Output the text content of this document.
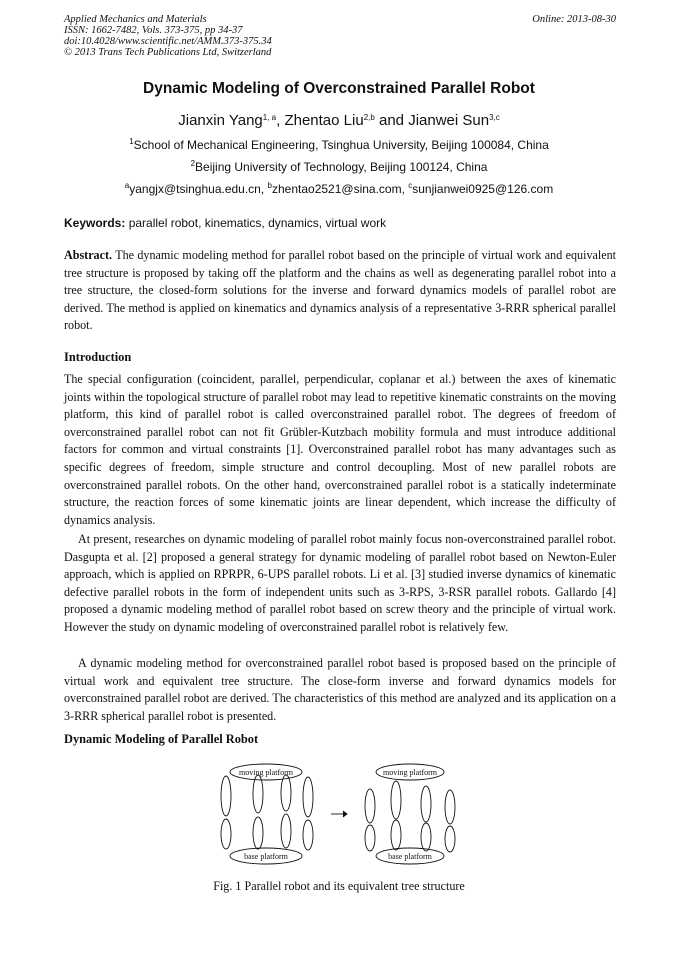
Applied Mechanics and Materials
ISSN: 1662-7482, Vols. 373-375, pp 34-37
doi:10.4028/www.scientific.net/AMM.373-375.34
© 2013 Trans Tech Publications Ltd, Switzerland
Online: 2013-08-30
Dynamic Modeling of Overconstrained Parallel Robot
Jianxin Yang$^{1, a}$, Zhentao Liu$^{2,b}$ and Jianwei Sun$^{3,c}$
$^1$School of Mechanical Engineering, Tsinghua University, Beijing 100084, China
$^2$Beijing University of Technology, Beijing 100124, China
$^a$yangjx@tsinghua.edu.cn, $^b$zhentao2521@sina.com, $^c$sunjianwei0925@126.com
Keywords: parallel robot, kinematics, dynamics, virtual work
Abstract. The dynamic modeling method for parallel robot based on the principle of virtual work and equivalent tree structure is proposed by taking off the platform and the chains as well as degenerating parallel robot into a tree structure, the closed-form solutions for the inverse and forward dynamics models of parallel robot are derived. The method is applied on kinematics and dynamics analysis of a representative 3-RRR spherical parallel robot.
Introduction
The special configuration (coincident, parallel, perpendicular, coplanar et al.) between the axes of kinematic joints within the topological structure of parallel robot may lead to repetitive kinematic constraints on the moving platform, this kind of parallel robot is called overconstrained parallel robot. The degrees of freedom of overconstrained parallel robot can not fit Grübler-Kutzbach mobility formula and must introduce additional factors for common and virtual constraints [1]. Overconstrained parallel robot has many advantages such as specific degrees of freedom, simple structure and control decoupling. Most of new parallel robots are overconstrained parallel robots. On the other hand, overconstrained parallel robot is a statically indeterminate structure, the reaction forces of some kinematic joints are linear dependent, which increase the difficulty of dynamics analysis.
At present, researches on dynamic modeling of parallel robot mainly focus non-overconstrained parallel robot. Dasgupta et al. [2] proposed a general strategy for dynamic modeling of parallel robot based on Newton-Euler approach, which is applied on RPRPR, 6-UPS parallel robots. Li et al. [3] studied inverse dynamics of kinematic defective parallel robots in the form of independent units such as 3-RPS, 3-RSR parallel robots. Gallardo [4] proposed a dynamic modeling method of parallel robot based on screw theory and the principle of virtual work. However the study on dynamic modeling of overconstrained parallel robot is relatively few.
A dynamic modeling method for overconstrained parallel robot based is proposed based on the principle of virtual work and equivalent tree structure. The close-form inverse and forward dynamics models for overconstrained parallel robot are derived. The characteristics of this method are analyzed and its application on a 3-RRR spherical parallel robot is presented.
Dynamic Modeling of Parallel Robot
moving platform
base platform
moving platform
base platform
Fig. 1 Parallel robot and its equivalent tree structure
